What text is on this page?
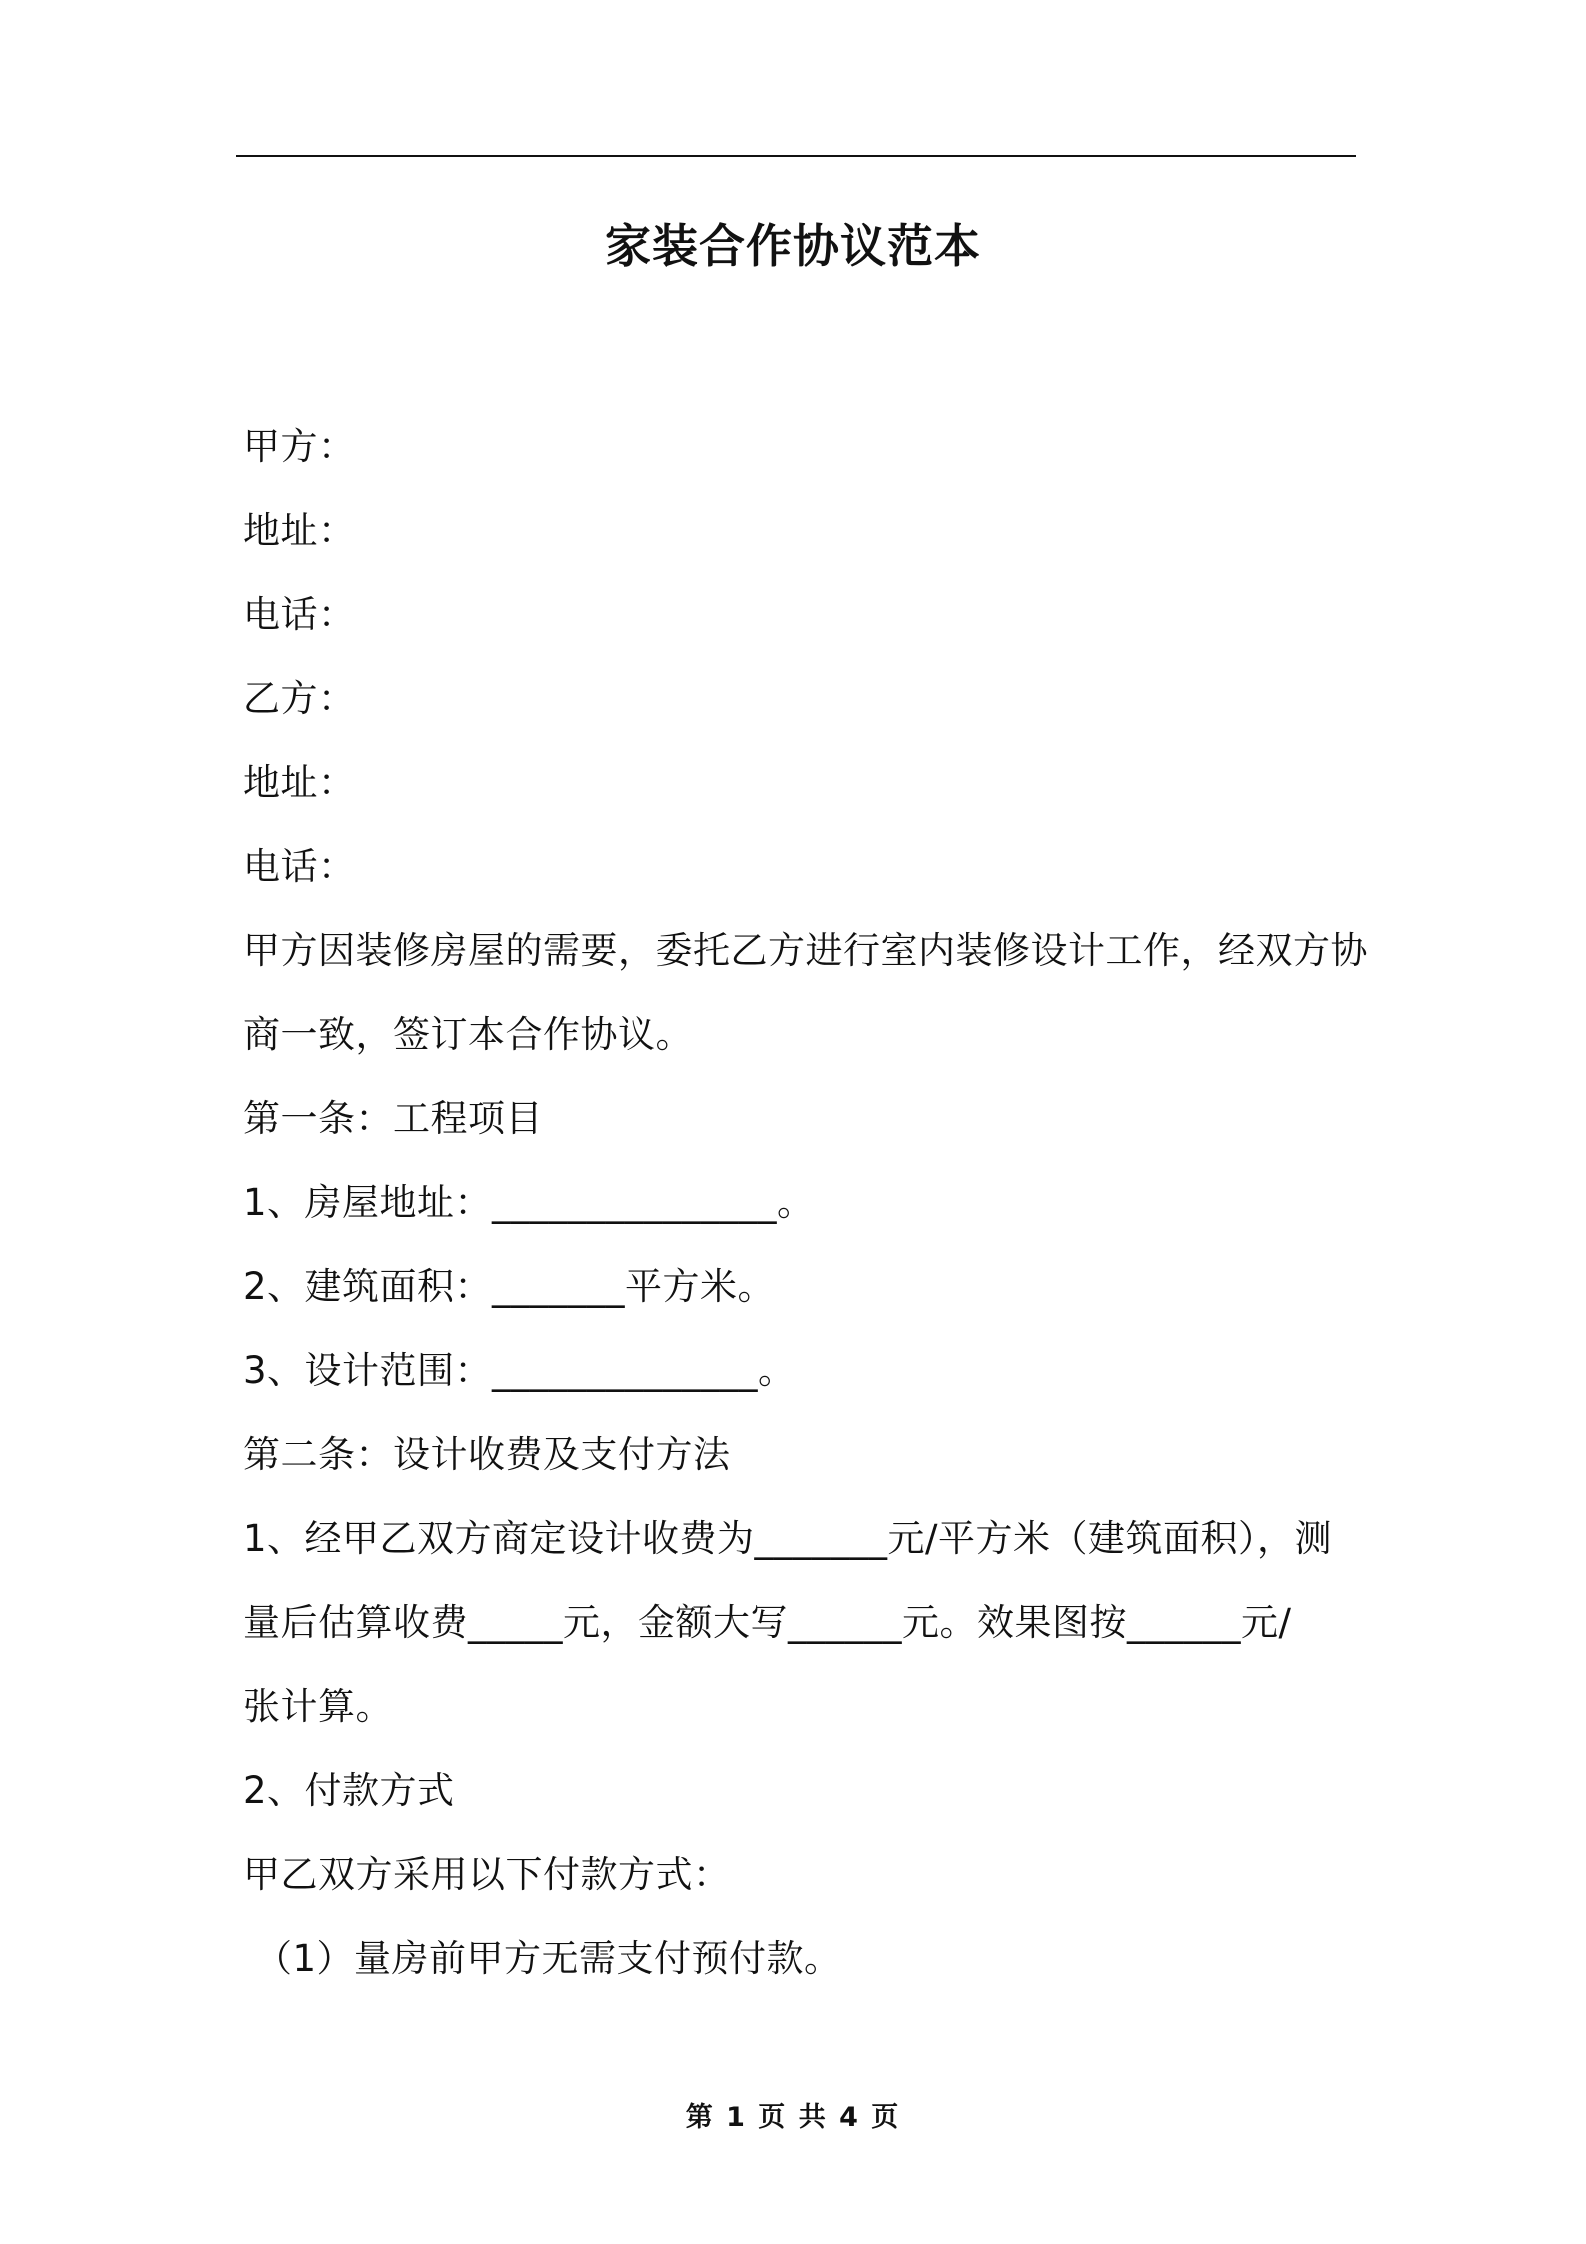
家装合作协议范本

甲方：

地址：

电话：

乙方：

地址：

电话：

甲方因装修房屋的需要，委托乙方进行室内装修设计工作，经双方协

商一致，签订本合作协议。

第一条：工程项目

1、房屋地址：_______________。

2、建筑面积：_______平方米。

3、设计范围：______________。

第二条：设计收费及支付方法

1、经甲乙双方商定设计收费为_______元/平方米（建筑面积），测

量后估算收费_____元，金额大写______元。效果图按______元/

张计算。

2、付款方式

甲乙双方采用以下付款方式：

（1）量房前甲方无需支付预付款。

第 1 页 共 4 页
